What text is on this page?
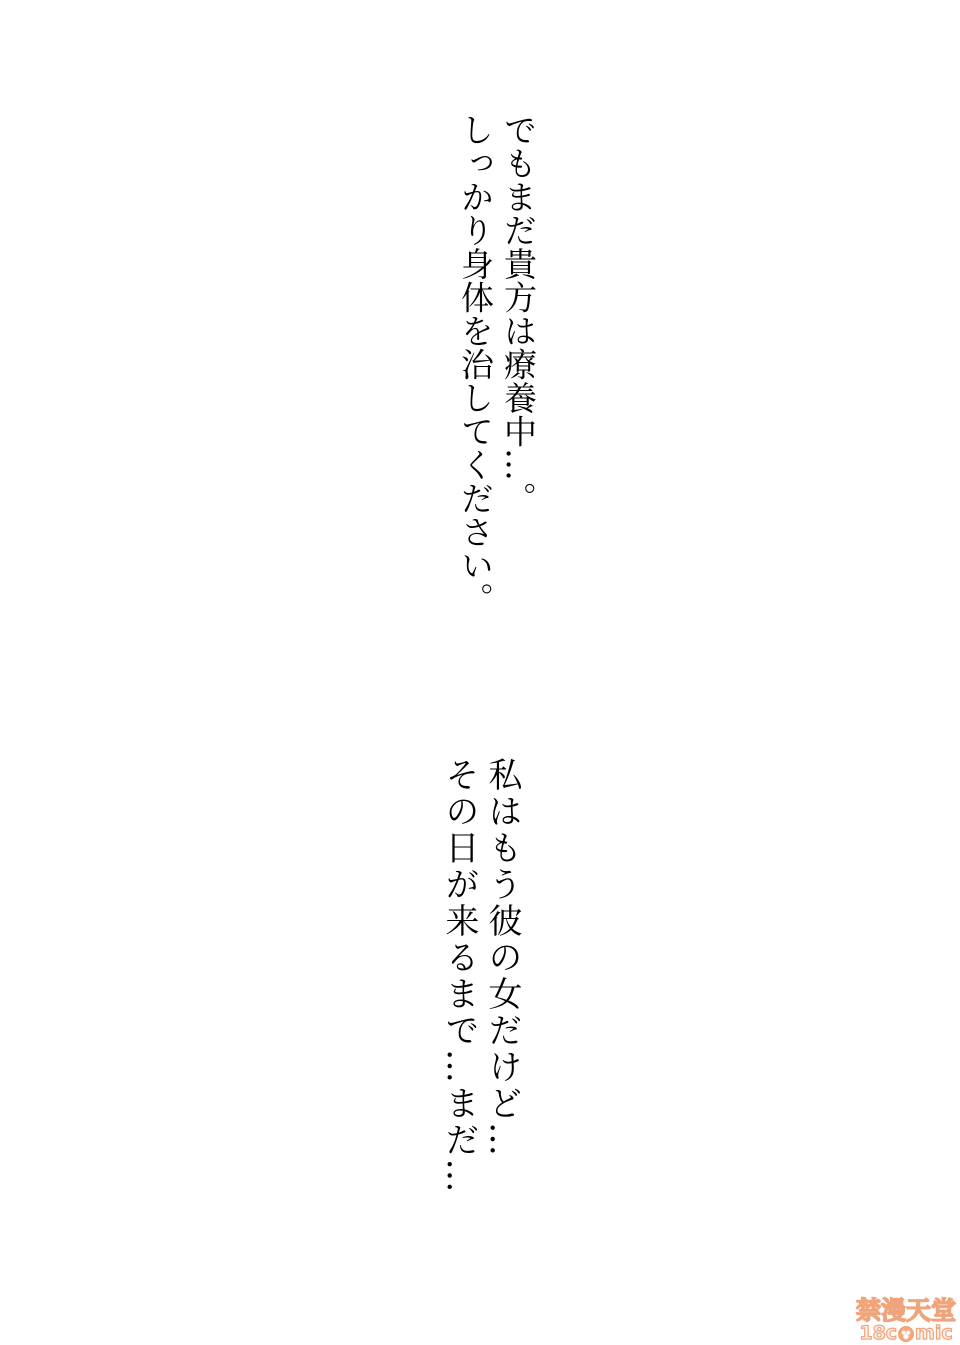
でもまだ貴方は療養中…。
しっかり身体を治してください。
私はもう彼の女だけど…
その日が来るまで…まだ…
禁漫天堂
18c mic
